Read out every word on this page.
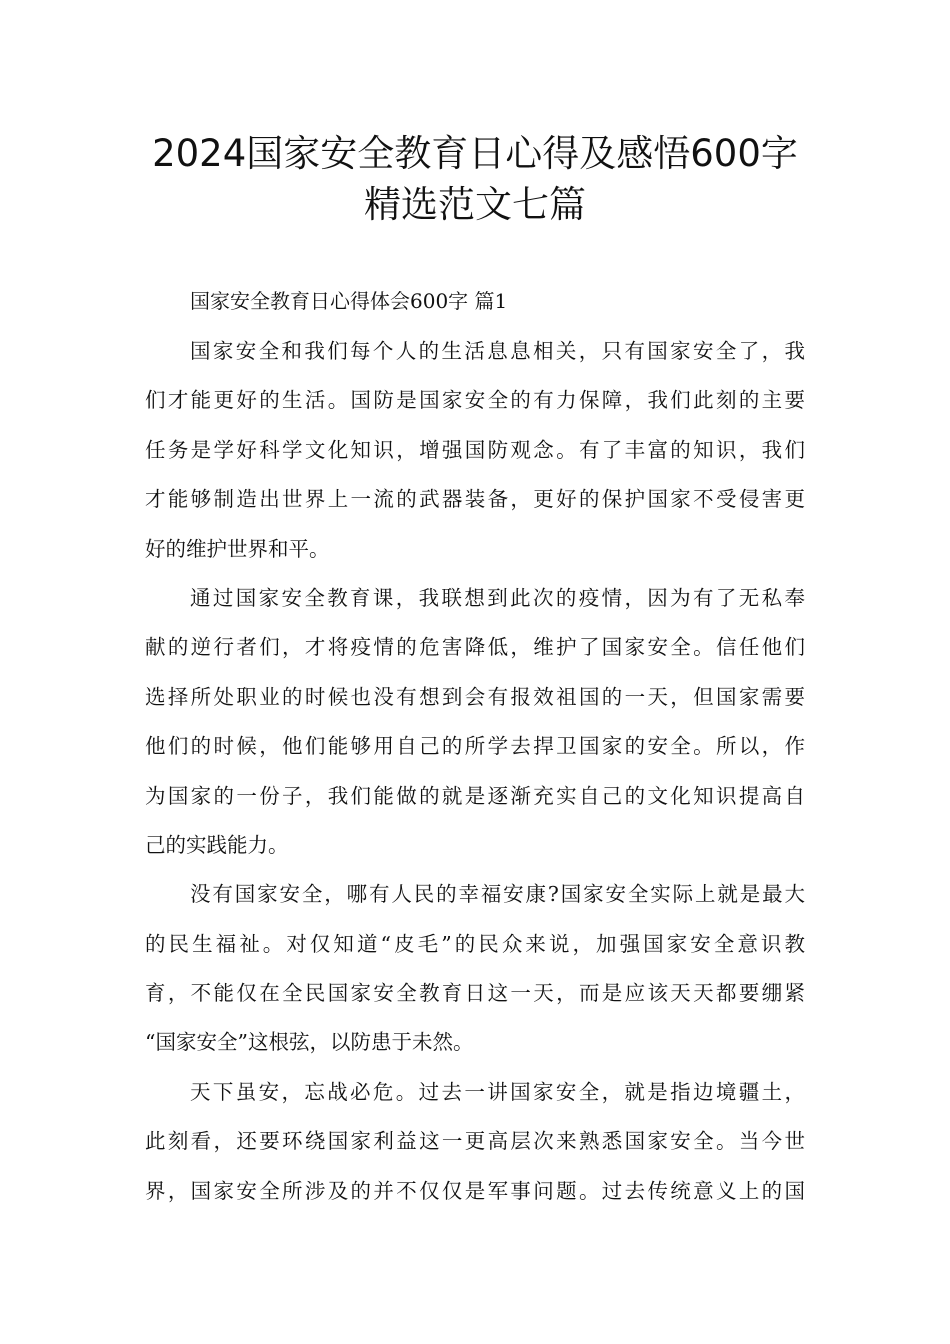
2024国家安全教育日心得及感悟600字
精选范文七篇
国家安全教育日心得体会600字 篇1
国家安全和我们每个人的生活息息相关，只有国家安全了，我
们才能更好的生活。国防是国家安全的有力保障，我们此刻的主要
任务是学好科学文化知识，增强国防观念。有了丰富的知识，我们
才能够制造出世界上一流的武器装备，更好的保护国家不受侵害更
好的维护世界和平。
通过国家安全教育课，我联想到此次的疫情，因为有了无私奉
献的逆行者们，才将疫情的危害降低，维护了国家安全。信任他们
选择所处职业的时候也没有想到会有报效祖国的一天，但国家需要
他们的时候，他们能够用自己的所学去捍卫国家的安全。所以，作
为国家的一份子，我们能做的就是逐渐充实自己的文化知识提高自
己的实践能力。
没有国家安全，哪有人民的幸福安康?国家安全实际上就是最大
的民生福祉。对仅知道“皮毛”的民众来说，加强国家安全意识教
育，不能仅在全民国家安全教育日这一天，而是应该天天都要绷紧
“国家安全”这根弦，以防患于未然。
天下虽安，忘战必危。过去一讲国家安全，就是指边境疆土，
此刻看，还要环绕国家利益这一更高层次来熟悉国家安全。当今世
界，国家安全所涉及的并不仅仅是军事问题。过去传统意义上的国
